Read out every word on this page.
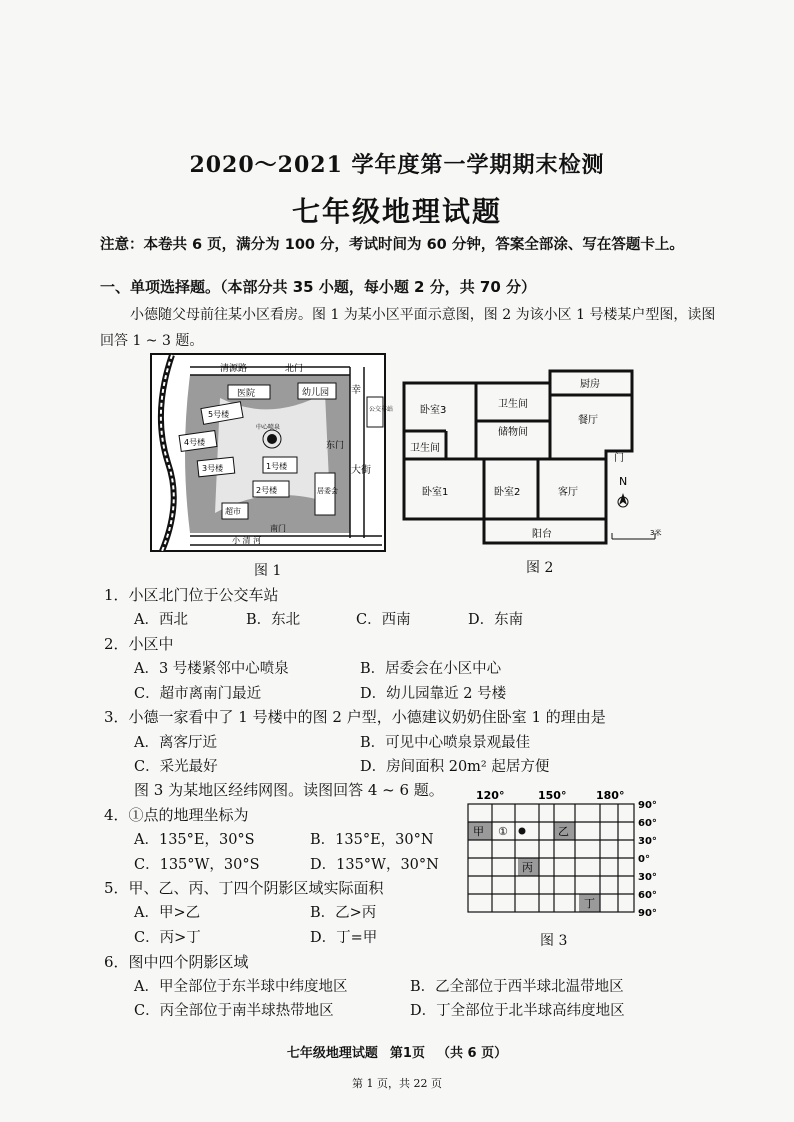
2020～2021 学年度第一学期期末检测
七年级地理试题
注意：本卷共 6 页，满分为 100 分，考试时间为 60 分钟，答案全部涂、写在答题卡上。
一、单项选择题。（本部分共 35 小题，每小题 2 分，共 70 分）
小德随父母前往某小区看房。图 1 为某小区平面示意图，图 2 为该小区 1 号楼某户型图，读图回答 1 ~ 3 题。
清源路	北门
医院	幼儿园 幸
公交车站
东门
大街
中心喷泉
5号楼
4号楼
3号楼	1号楼
2号楼	居委会
超市
南门
小 清 河
图 1
卧室3
卫生间
储物间
厨房
餐厅
卫生间
门
卧室1	卧室2	客厅
阳台
N
3米
图 2
1．小区北门位于公交车站
A．西北	B．东北	C．西南	D．东南
2．小区中
A．3 号楼紧邻中心喷泉	B．居委会在小区中心
C．超市离南门最近	D．幼儿园靠近 2 号楼
3．小德一家看中了 1 号楼中的图 2 户型，小德建议奶奶住卧室 1 的理由是
A．离客厅近	B．可见中心喷泉景观最佳
C．采光最好	D．房间面积 20m² 起居方便
图 3 为某地区经纬网图。读图回答 4 ~ 6 题。
4．①点的地理坐标为
A．135°E，30°S	B．135°E，30°N
C．135°W，30°S	D．135°W，30°N
5．甲、乙、丙、丁四个阴影区域实际面积
A．甲>乙	B．乙>丙
C．丙>丁	D．丁=甲
6．图中四个阴影区域
A．甲全部位于东半球中纬度地区	B．乙全部位于西半球北温带地区
C．丙全部位于南半球热带地区	D．丁全部位于北半球高纬度地区
120°	150°	180°
90°
60°
30°
0°
30°
60°
90°
甲 ①	乙
丙
丁
图 3
七年级地理试题 第1页 （共 6 页）
第 1 页，共 22 页
